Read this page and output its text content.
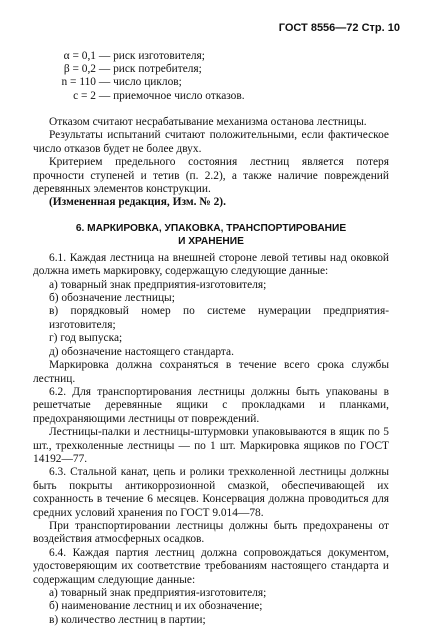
ГОСТ 8556—72 Стр. 10
α = 0,1 — риск изготовителя;
β = 0,2 — риск потребителя;
n = 110 — число циклов;
c = 2 — приемочное число отказов.

Отказом считают несрабатывание механизма останова лестницы.

Результаты испытаний считают положительными, если фактическое число отказов будет не более двух.

Критерием предельного состояния лестниц является потеря прочности ступеней и тетив (п. 2.2), а также наличие повреждений деревянных элементов конструкции.

(Измененная редакция, Изм. № 2).

6. МАРКИРОВКА, УПАКОВКА, ТРАНСПОРТИРОВАНИЕ

И ХРАНЕНИЕ

6.1. Каждая лестница на внешней стороне левой тетивы над оковкой должна иметь маркировку, содержащую следующие данные:

а) товарный знак предприятия-изготовителя;

б) обозначение лестницы;

в) порядковый номер по системе нумерации предприятия-изготовителя;

г) год выпуска;

д) обозначение настоящего стандарта.

Маркировка должна сохраняться в течение всего срока службы лестниц.

6.2. Для транспортирования лестницы должны быть упакованы в решетчатые деревянные ящики с прокладками и планками, предохраняющими лестницы от повреждений.

Лестницы-палки и лестницы-штурмовки упаковываются в ящик по 5 шт., трехколенные лестницы — по 1 шт. Маркировка ящиков по ГОСТ 14192—77.

6.3. Стальной канат, цепь и ролики трехколенной лестницы должны быть покрыты антикоррозионной смазкой, обеспечивающей их сохранность в течение 6 месяцев. Консервация должна проводиться для средних условий хранения по ГОСТ 9.014—78.

При транспортировании лестницы должны быть предохранены от воздействия атмосферных осадков.

6.4. Каждая партия лестниц должна сопровождаться документом, удостоверяющим их соответствие требованиям настоящего стандарта и содержащим следующие данные:

а) товарный знак предприятия-изготовителя;

б) наименование лестниц и их обозначение;

в) количество лестниц в партии;
